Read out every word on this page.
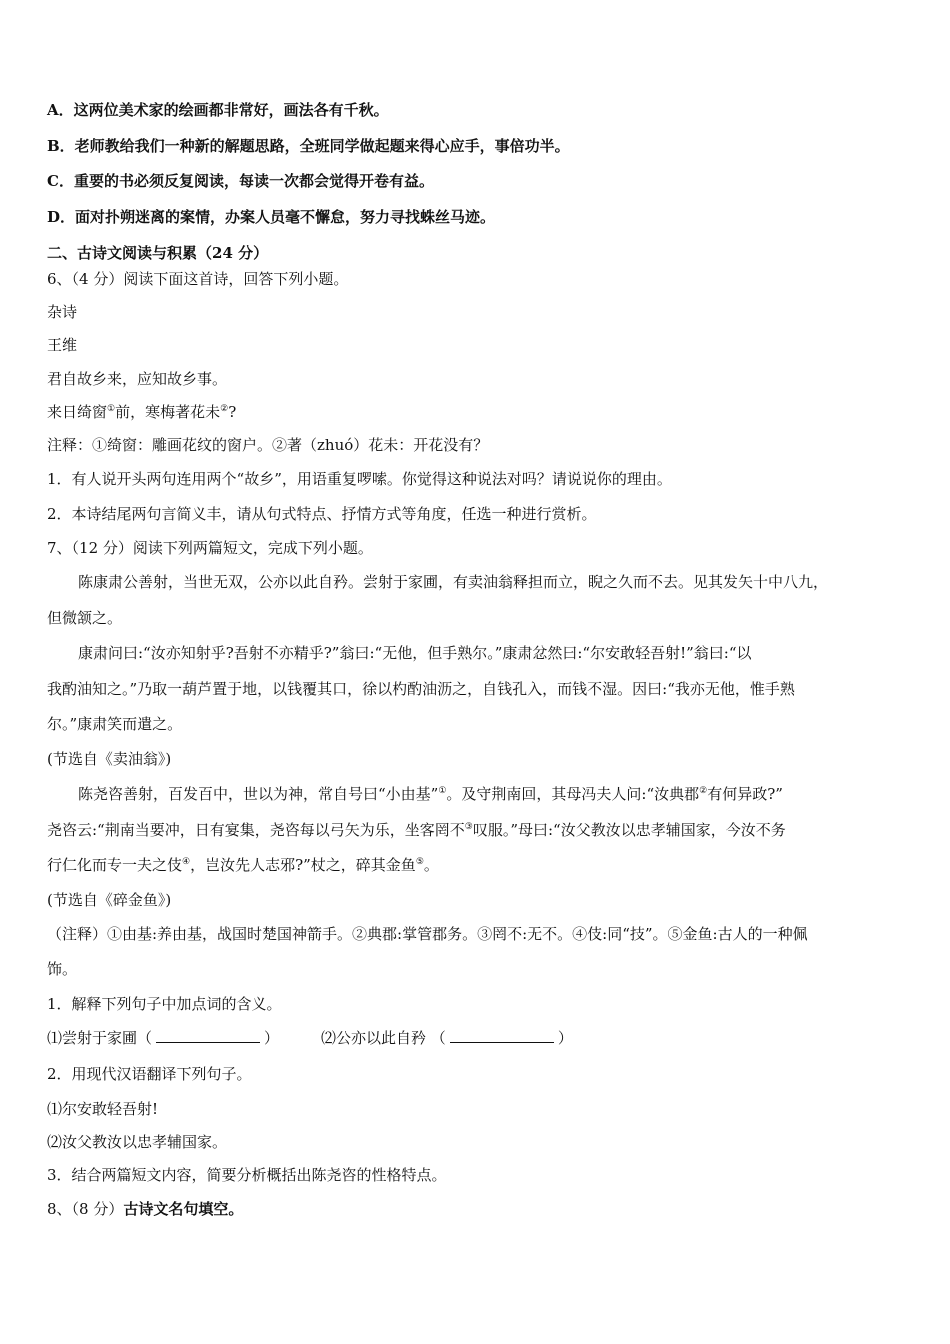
A．这两位美术家的绘画都非常好，画法各有千秋。
B．老师教给我们一种新的解题思路，全班同学做起题来得心应手，事倍功半。
C．重要的书必须反复阅读，每读一次都会觉得开卷有益。
D．面对扑朔迷离的案情，办案人员毫不懈怠，努力寻找蛛丝马迹。
二、古诗文阅读与积累（24 分）
6、（4 分）阅读下面这首诗，回答下列小题。
杂诗
王维
君自故乡来，应知故乡事。
来日绮窗①前，寒梅著花未②?
注释：①绮窗：雕画花纹的窗户。②著（zhuó）花未：开花没有？
1．有人说开头两句连用两个“故乡”，用语重复啰嗦。你觉得这种说法对吗？请说说你的理由。
2．本诗结尾两句言简义丰，请从句式特点、抒情方式等角度，任选一种进行赏析。
7、（12 分）阅读下列两篇短文，完成下列小题。
陈康肃公善射，当世无双，公亦以此自矜。尝射于家圃，有卖油翁释担而立，睨之久而不去。见其发矢十中八九，
但微颔之。
康肃问曰:“汝亦知射乎?吾射不亦精乎?”翁曰:“无他，但手熟尔。”康肃忿然曰:“尔安敢轻吾射!”翁曰:“以
我酌油知之。”乃取一葫芦置于地，以钱覆其口，徐以杓酌油沥之，自钱孔入，而钱不湿。因曰:“我亦无他，惟手熟
尔。”康肃笑而遣之。
(节选自《卖油翁》)
陈尧咨善射，百发百中，世以为神，常自号曰“小由基”①。及守荆南回，其母冯夫人问:“汝典郡②有何异政?”
尧咨云:“荆南当要冲，日有宴集，尧咨每以弓矢为乐，坐客罔不③叹服。”母曰:“汝父教汝以忠孝辅国家，今汝不务
行仁化而专一夫之伎④，岂汝先人志邪?”杖之，碎其金鱼⑤。
(节选自《碎金鱼》)
（注释）①由基:养由基，战国时楚国神箭手。②典郡:掌管郡务。③罔不:无不。④伎:同“技”。⑤金鱼:古人的一种佩
饰。
1．解释下列句子中加点词的含义。
⑴尝射于家圃（	）	⑵公亦以此自矜 （	）
2．用现代汉语翻译下列句子。
⑴尔安敢轻吾射!
⑵汝父教汝以忠孝辅国家。
3．结合两篇短文内容，简要分析概括出陈尧咨的性格特点。
8、（8 分）古诗文名句填空。
